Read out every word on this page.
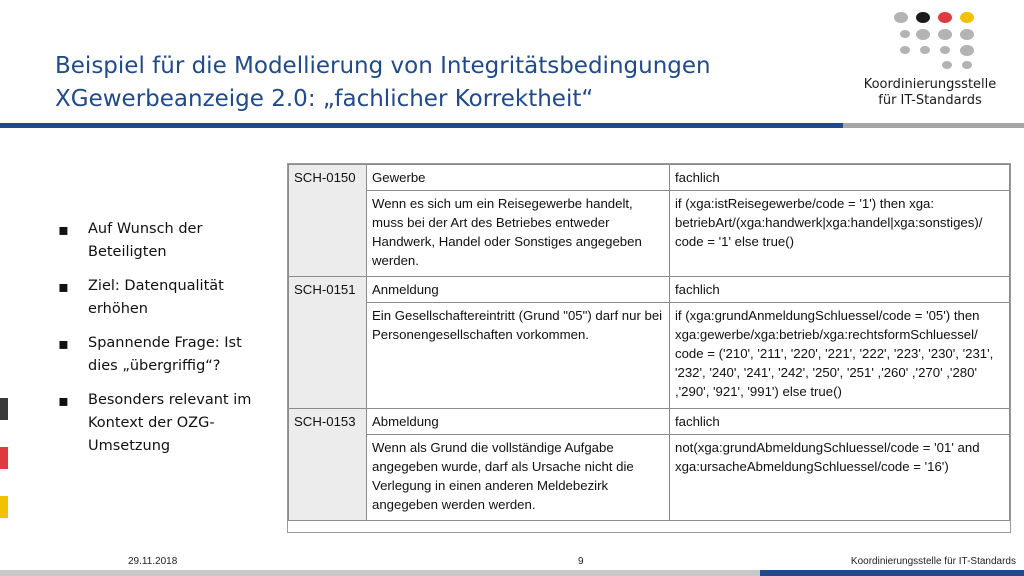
Beispiel für die Modellierung von Integritätsbedingungen
XGewerbeanzeige 2.0: „fachlicher Korrektheit“
Koordinierungsstelle
für IT-Standards
▪ Auf Wunsch der Beteiligten
▪ Ziel: Datenqualität erhöhen
▪ Spannende Frage: Ist dies „übergriffig“?
▪ Besonders relevant im Kontext der OZG-Umsetzung
SCH-0150	Gewerbe	fachlich
	Wenn es sich um ein Reisegewerbe handelt, muss bei der Art des Betriebes entweder Handwerk, Handel oder Sonstiges angegeben werden.	if (xga:istReisegewerbe/code = '1') then xga: betriebArt/(xga:handwerk|xga:handel|xga:sonstiges)/ code = '1' else true()
SCH-0151	Anmeldung	fachlich
	Ein Gesellschaftereintritt (Grund "05") darf nur bei Personengesellschaften vorkommen.	if (xga:grundAnmeldungSchluessel/code = '05') then xga:gewerbe/xga:betrieb/xga:rechtsformSchluessel/ code = ('210', '211', '220', '221', '222', '223', '230', '231', '232', '240', '241', '242', '250', '251' ,'260' ,'270' ,'280' ,'290', '921', '991') else true()
SCH-0153	Abmeldung	fachlich
	Wenn als Grund die vollständige Aufgabe angegeben wurde, darf als Ursache nicht die Verlegung in einen anderen Meldebezirk angegeben werden werden.	not(xga:grundAbmeldungSchluessel/code = '01' and xga:ursacheAbmeldungSchluessel/code = '16')
29.11.2018	9	Koordinierungsstelle für IT-Standards
